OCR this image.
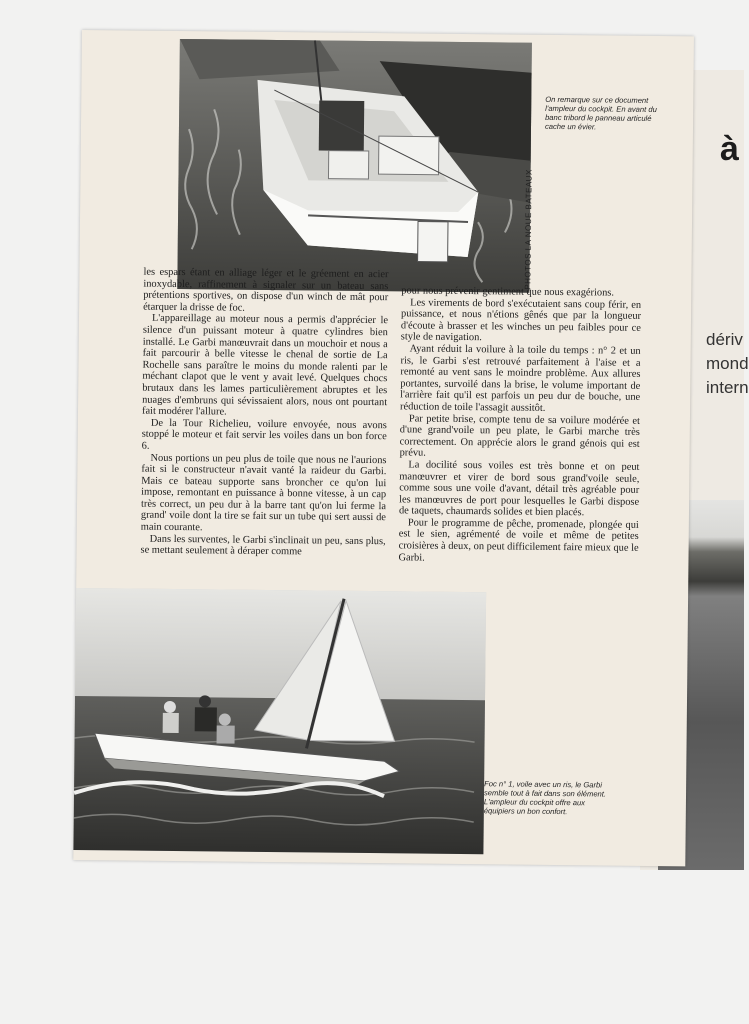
à
dériv
mond
intern
PHOTOS LA NOUE BATEAUX
On remarque sur ce document l'ampleur du cockpit. En avant du banc tribord le panneau articulé cache un évier.

les espars étant en alliage léger et le gréement en acier inoxydable, raffinement à signaler sur un bateau sans prétentions sportives, on dispose d'un winch de mât pour étarquer la drisse de foc.

L'appareillage au moteur nous a permis d'apprécier le silence d'un puissant moteur à quatre cylindres bien installé. Le Garbi manœuvrait dans un mouchoir et nous a fait parcourir à belle vitesse le chenal de sortie de La Rochelle sans paraître le moins du monde ralenti par le méchant clapot que le vent y avait levé. Quelques chocs brutaux dans les lames particulièrement abruptes et les nuages d'embruns qui sévissaient alors, nous ont pourtant fait modérer l'allure.

De la Tour Richelieu, voilure envoyée, nous avons stoppé le moteur et fait servir les voiles dans un bon force 6.

Nous portions un peu plus de toile que nous ne l'aurions fait si le constructeur n'avait vanté la raideur du Garbi. Mais ce bateau supporte sans broncher ce qu'on lui impose, remontant en puissance à bonne vitesse, à un cap très correct, un peu dur à la barre tant qu'on lui ferme la grand' voile dont la tire se fait sur un tube qui sert aussi de main courante.

Dans les surventes, le Garbi s'inclinait un peu, sans plus, se mettant seulement à déraper comme

pour nous prévenir gentiment que nous exagérions.

Les virements de bord s'exécutaient sans coup férir, en puissance, et nous n'étions gênés que par la longueur d'écoute à brasser et les winches un peu faibles pour ce style de navigation.

Ayant réduit la voilure à la toile du temps : n° 2 et un ris, le Garbi s'est retrouvé parfaitement à l'aise et a remonté au vent sans le moindre problème. Aux allures portantes, survoilé dans la brise, le volume important de l'arrière fait qu'il est parfois un peu dur de bouche, une réduction de toile l'assagit aussitôt.

Par petite brise, compte tenu de sa voilure modérée et d'une grand'voile un peu plate, le Garbi marche très correctement. On apprécie alors le grand génois qui est prévu.

La docilité sous voiles est très bonne et on peut manœuvrer et virer de bord sous grand'voile seule, comme sous une voile d'avant, détail très agréable pour les manœuvres de port pour lesquelles le Garbi dispose de taquets, chaumards solides et bien placés.

Pour le programme de pêche, promenade, plongée qui est le sien, agrémenté de voile et même de petites croisières à deux, on peut difficilement faire mieux que le Garbi.

Foc n° 1, voile avec un ris, le Garbi semble tout à fait dans son élément. L'ampleur du cockpit offre aux équipiers un bon confort.
